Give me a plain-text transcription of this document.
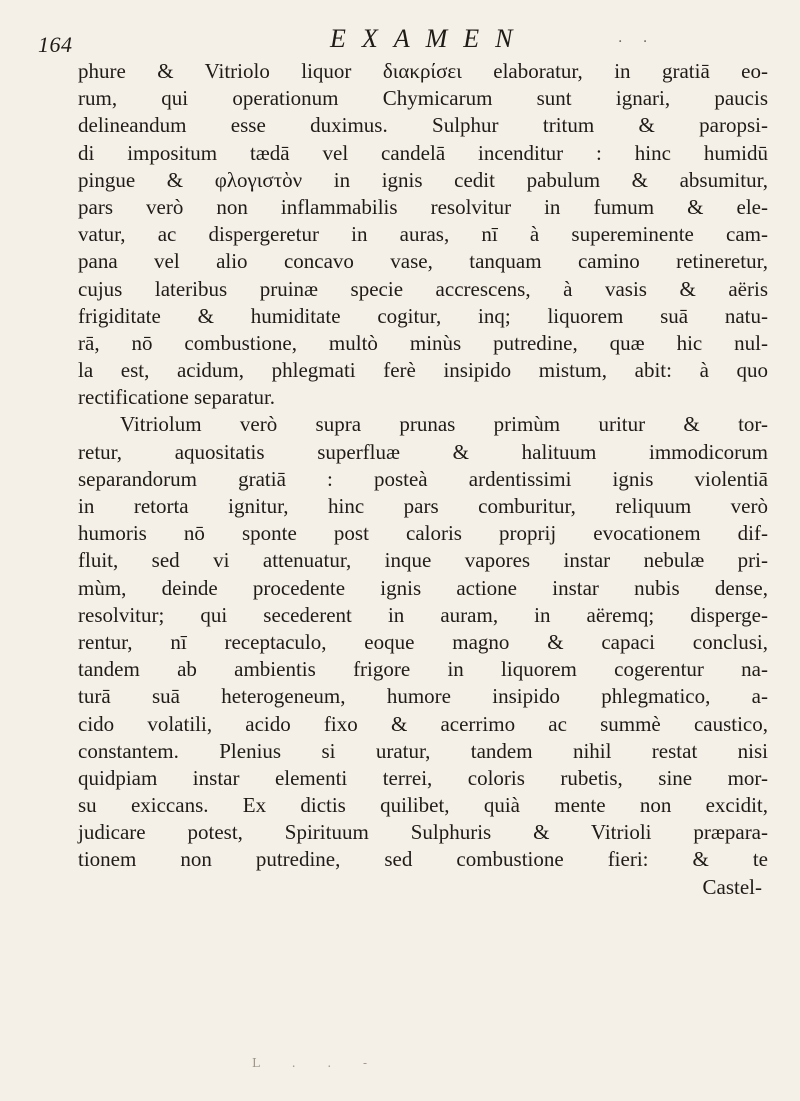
164	EXAMEN	· ·
phure & Vitriolo liquor διακρίσει elaboratur, in gratiā eo-
rum, qui operationum Chymicarum sunt ignari, paucis
delineandum esse duximus. Sulphur tritum & paropsi-
di impositum tædā vel candelā incenditur : hinc humidū
pingue & φλογιστὸν in ignis cedit pabulum & absumitur,
pars verò non inflammabilis resolvitur in fumum & ele-
vatur, ac dispergeretur in auras, nī à supereminente cam-
pana vel alio concavo vase, tanquam camino retineretur,
cujus lateribus pruinæ specie accrescens, à vasis & aëris
frigiditate & humiditate cogitur, inq; liquorem suā natu-
rā, nō combustione, multò minùs putredine, quæ hic nul-
la est, acidum, phlegmati ferè insipido mistum, abit: à quo
rectificatione separatur.
Vitriolum verò supra prunas primùm uritur & tor-
retur, aquositatis superfluæ & halituum immodicorum
separandorum gratiā : posteà ardentissimi ignis violentiā
in retorta ignitur, hinc pars comburitur, reliquum verò
humoris nō sponte post caloris proprij evocationem dif-
fluit, sed vi attenuatur, inque vapores instar nebulæ pri-
mùm, deinde procedente ignis actione instar nubis dense,
resolvitur; qui secederent in auram, in aëremq; disperge-
rentur, nī receptaculo, eoque magno & capaci conclusi,
tandem ab ambientis frigore in liquorem cogerentur na-
turā suā heterogeneum, humore insipido phlegmatico, a-
cido volatili, acido fixo & acerrimo ac summè caustico,
constantem. Plenius si uratur, tandem nihil restat nisi
quidpiam instar elementi terrei, coloris rubetis, sine mor-
su exiccans. Ex dictis quilibet, quià mente non excidit,
judicare potest, Spirituum Sulphuris & Vitrioli præpara-
tionem non putredine, sed combustione fieri: & te
Castel-
L . . -
